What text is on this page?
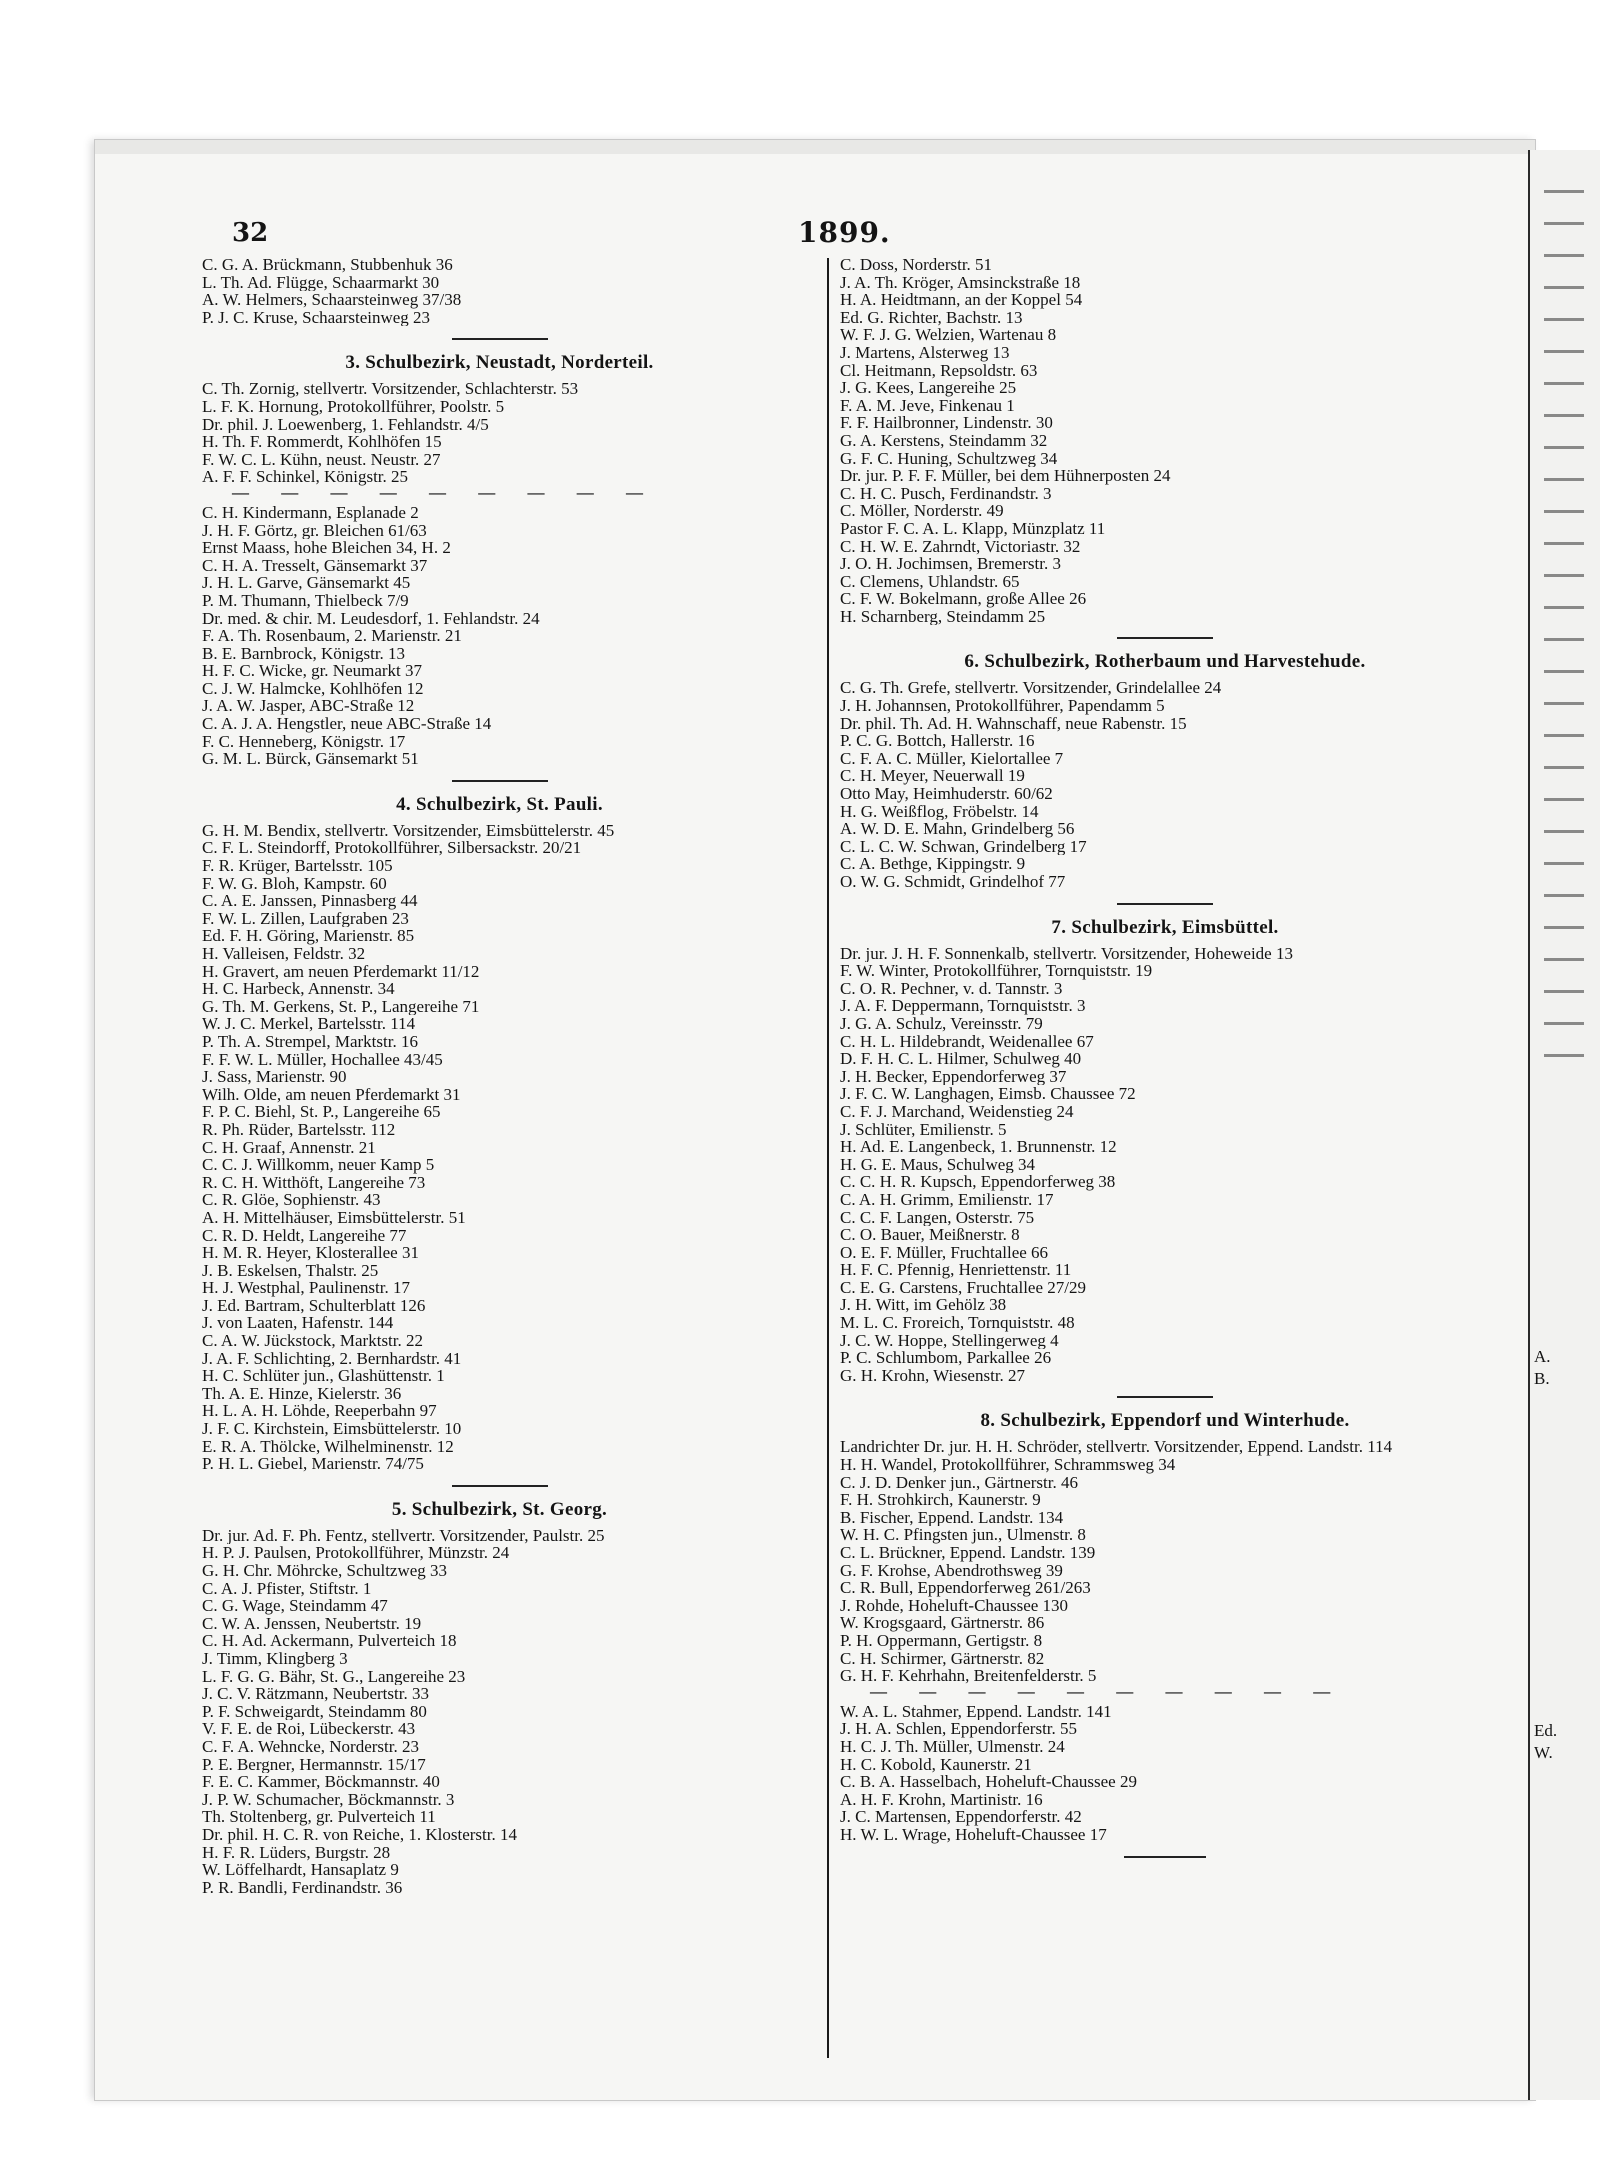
A.
B.
Ed.
W.
32	1899.
C. G. A. Brückmann, Stubbenhuk 36
L. Th. Ad. Flügge, Schaarmarkt 30
A. W. Helmers, Schaarsteinweg 37/38
P. J. C. Kruse, Schaarsteinweg 23
3. Schulbezirk, Neustadt, Norderteil.
C. Th. Zornig, stellvertr. Vorsitzender, Schlachterstr. 53
L. F. K. Hornung, Protokollführer, Poolstr. 5
Dr. phil. J. Loewenberg, 1. Fehlandstr. 4/5
H. Th. F. Rommerdt, Kohlhöfen 15
F. W. C. L. Kühn, neust. Neustr. 27
A. F. F. Schinkel, Königstr. 25
— — — — — — — — —
C. H. Kindermann, Esplanade 2
J. H. F. Görtz, gr. Bleichen 61/63
Ernst Maass, hohe Bleichen 34, H. 2
C. H. A. Tresselt, Gänsemarkt 37
J. H. L. Garve, Gänsemarkt 45
P. M. Thumann, Thielbeck 7/9
Dr. med. & chir. M. Leudesdorf, 1. Fehlandstr. 24
F. A. Th. Rosenbaum, 2. Marienstr. 21
B. E. Barnbrock, Königstr. 13
H. F. C. Wicke, gr. Neumarkt 37
C. J. W. Halmcke, Kohlhöfen 12
J. A. W. Jasper, ABC-Straße 12
C. A. J. A. Hengstler, neue ABC-Straße 14
F. C. Henneberg, Königstr. 17
G. M. L. Bürck, Gänsemarkt 51
4. Schulbezirk, St. Pauli.
G. H. M. Bendix, stellvertr. Vorsitzender, Eimsbüttelerstr. 45
C. F. L. Steindorff, Protokollführer, Silbersackstr. 20/21
F. R. Krüger, Bartelsstr. 105
F. W. G. Bloh, Kampstr. 60
C. A. E. Janssen, Pinnasberg 44
F. W. L. Zillen, Laufgraben 23
Ed. F. H. Göring, Marienstr. 85
H. Valleisen, Feldstr. 32
H. Gravert, am neuen Pferdemarkt 11/12
H. C. Harbeck, Annenstr. 34
G. Th. M. Gerkens, St. P., Langereihe 71
W. J. C. Merkel, Bartelsstr. 114
P. Th. A. Strempel, Marktstr. 16
F. F. W. L. Müller, Hochallee 43/45
J. Sass, Marienstr. 90
Wilh. Olde, am neuen Pferdemarkt 31
F. P. C. Biehl, St. P., Langereihe 65
R. Ph. Rüder, Bartelsstr. 112
C. H. Graaf, Annenstr. 21
C. C. J. Willkomm, neuer Kamp 5
R. C. H. Witthöft, Langereihe 73
C. R. Glöe, Sophienstr. 43
A. H. Mittelhäuser, Eimsbüttelerstr. 51
C. R. D. Heldt, Langereihe 77
H. M. R. Heyer, Klosterallee 31
J. B. Eskelsen, Thalstr. 25
H. J. Westphal, Paulinenstr. 17
J. Ed. Bartram, Schulterblatt 126
J. von Laaten, Hafenstr. 144
C. A. W. Jückstock, Marktstr. 22
J. A. F. Schlichting, 2. Bernhardstr. 41
H. C. Schlüter jun., Glashüttenstr. 1
Th. A. E. Hinze, Kielerstr. 36
H. L. A. H. Löhde, Reeperbahn 97
J. F. C. Kirchstein, Eimsbüttelerstr. 10
E. R. A. Thölcke, Wilhelminenstr. 12
P. H. L. Giebel, Marienstr. 74/75
5. Schulbezirk, St. Georg.
Dr. jur. Ad. F. Ph. Fentz, stellvertr. Vorsitzender, Paulstr. 25
H. P. J. Paulsen, Protokollführer, Münzstr. 24
G. H. Chr. Möhrcke, Schultzweg 33
C. A. J. Pfister, Stiftstr. 1
C. G. Wage, Steindamm 47
C. W. A. Jenssen, Neubertstr. 19
C. H. Ad. Ackermann, Pulverteich 18
J. Timm, Klingberg 3
L. F. G. G. Bähr, St. G., Langereihe 23
J. C. V. Rätzmann, Neubertstr. 33
P. F. Schweigardt, Steindamm 80
V. F. E. de Roi, Lübeckerstr. 43
C. F. A. Wehncke, Norderstr. 23
P. E. Bergner, Hermannstr. 15/17
F. E. C. Kammer, Böckmannstr. 40
J. P. W. Schumacher, Böckmannstr. 3
Th. Stoltenberg, gr. Pulverteich 11
Dr. phil. H. C. R. von Reiche, 1. Klosterstr. 14
H. F. R. Lüders, Burgstr. 28
W. Löffelhardt, Hansaplatz 9
P. R. Bandli, Ferdinandstr. 36
C. Doss, Norderstr. 51
J. A. Th. Kröger, Amsinckstraße 18
H. A. Heidtmann, an der Koppel 54
Ed. G. Richter, Bachstr. 13
W. F. J. G. Welzien, Wartenau 8
J. Martens, Alsterweg 13
Cl. Heitmann, Repsoldstr. 63
J. G. Kees, Langereihe 25
F. A. M. Jeve, Finkenau 1
F. F. Hailbronner, Lindenstr. 30
G. A. Kerstens, Steindamm 32
G. F. C. Huning, Schultzweg 34
Dr. jur. P. F. F. Müller, bei dem Hühnerposten 24
C. H. C. Pusch, Ferdinandstr. 3
C. Möller, Norderstr. 49
Pastor F. C. A. L. Klapp, Münzplatz 11
C. H. W. E. Zahrndt, Victoriastr. 32
J. O. H. Jochimsen, Bremerstr. 3
C. Clemens, Uhlandstr. 65
C. F. W. Bokelmann, große Allee 26
H. Scharnberg, Steindamm 25
6. Schulbezirk, Rotherbaum und Harvestehude.
C. G. Th. Grefe, stellvertr. Vorsitzender, Grindelallee 24
J. H. Johannsen, Protokollführer, Papendamm 5
Dr. phil. Th. Ad. H. Wahnschaff, neue Rabenstr. 15
P. C. G. Bottch, Hallerstr. 16
C. F. A. C. Müller, Kielortallee 7
C. H. Meyer, Neuerwall 19
Otto May, Heimhuderstr. 60/62
H. G. Weißflog, Fröbelstr. 14
A. W. D. E. Mahn, Grindelberg 56
C. L. C. W. Schwan, Grindelberg 17
C. A. Bethge, Kippingstr. 9
O. W. G. Schmidt, Grindelhof 77
7. Schulbezirk, Eimsbüttel.
Dr. jur. J. H. F. Sonnenkalb, stellvertr. Vorsitzender, Hoheweide 13
F. W. Winter, Protokollführer, Tornquiststr. 19
C. O. R. Pechner, v. d. Tannstr. 3
J. A. F. Deppermann, Tornquiststr. 3
J. G. A. Schulz, Vereinsstr. 79
C. H. L. Hildebrandt, Weidenallee 67
D. F. H. C. L. Hilmer, Schulweg 40
J. H. Becker, Eppendorferweg 37
J. F. C. W. Langhagen, Eimsb. Chaussee 72
C. F. J. Marchand, Weidenstieg 24
J. Schlüter, Emilienstr. 5
H. Ad. E. Langenbeck, 1. Brunnenstr. 12
H. G. E. Maus, Schulweg 34
C. C. H. R. Kupsch, Eppendorferweg 38
C. A. H. Grimm, Emilienstr. 17
C. C. F. Langen, Osterstr. 75
C. O. Bauer, Meißnerstr. 8
O. E. F. Müller, Fruchtallee 66
H. F. C. Pfennig, Henriettenstr. 11
C. E. G. Carstens, Fruchtallee 27/29
J. H. Witt, im Gehölz 38
M. L. C. Froreich, Tornquiststr. 48
J. C. W. Hoppe, Stellingerweg 4
P. C. Schlumbom, Parkallee 26
G. H. Krohn, Wiesenstr. 27
8. Schulbezirk, Eppendorf und Winterhude.
Landrichter Dr. jur. H. H. Schröder, stellvertr. Vorsitzender, Eppend. Landstr. 114
H. H. Wandel, Protokollführer, Schrammsweg 34
C. J. D. Denker jun., Gärtnerstr. 46
F. H. Strohkirch, Kaunerstr. 9
B. Fischer, Eppend. Landstr. 134
W. H. C. Pfingsten jun., Ulmenstr. 8
C. L. Brückner, Eppend. Landstr. 139
G. F. Krohse, Abendrothsweg 39
C. R. Bull, Eppendorferweg 261/263
J. Rohde, Hoheluft-Chaussee 130
W. Krogsgaard, Gärtnerstr. 86
P. H. Oppermann, Gertigstr. 8
C. H. Schirmer, Gärtnerstr. 82
G. H. F. Kehrhahn, Breitenfelderstr. 5
— — — — — — — — — —
W. A. L. Stahmer, Eppend. Landstr. 141
J. H. A. Schlen, Eppendorferstr. 55
H. C. J. Th. Müller, Ulmenstr. 24
H. C. Kobold, Kaunerstr. 21
C. B. A. Hasselbach, Hoheluft-Chaussee 29
A. H. F. Krohn, Martinistr. 16
J. C. Martensen, Eppendorferstr. 42
H. W. L. Wrage, Hoheluft-Chaussee 17
